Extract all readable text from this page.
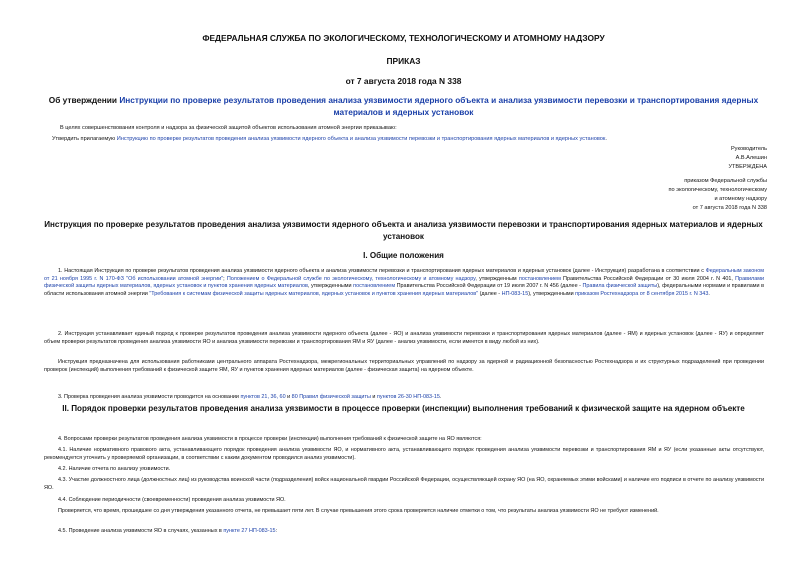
ФЕДЕРАЛЬНАЯ СЛУЖБА ПО ЭКОЛОГИЧЕСКОМУ, ТЕХНОЛОГИЧЕСКОМУ И АТОМНОМУ НАДЗОРУ
ПРИКАЗ
от 7 августа 2018 года N 338
Об утверждении Инструкции по проверке результатов проведения анализа уязвимости ядерного объекта и анализа уязвимости перевозки и транспортирования ядерных материалов и ядерных установок
В целях совершенствования контроля и надзора за физической защитой объектов использования атомной энергии приказываю:
Утвердить прилагаемую Инструкцию по проверке результатов проведения анализа уязвимости ядерного объекта и анализа уязвимости перевозки и транспортирования ядерных материалов и ядерных установок.
Руководитель
А.В.Алешин
УТВЕРЖДЕНА
приказом Федеральной службы
по экологическому, технологическому
и атомному надзору
от 7 августа 2018 года N 338
Инструкция по проверке результатов проведения анализа уязвимости ядерного объекта и анализа уязвимости перевозки и транспортирования ядерных материалов и ядерных установок
I. Общие положения
1. Настоящая Инструкция по проверке результатов проведения анализа уязвимости ядерного объекта и анализа уязвимости перевозки и транспортирования ядерных материалов и ядерных установок (далее - Инструкция) разработана в соответствии с Федеральным законом от 21 ноября 1995 г. N 170-ФЗ "Об использовании атомной энергии"; Положением о Федеральной службе по экологическому, технологическому и атомному надзору, утвержденным постановлением Правительства Российской Федерации от 30 июля 2004 г. N 401, Правилами физической защиты ядерных материалов, ядерных установок и пунктов хранения ядерных материалов, утвержденными постановлением Правительства Российской Федерации от 19 июля 2007 г. N 456 (далее - Правила физической защиты), федеральными нормами и правилами в области использования атомной энергии "Требования к системам физической защиты ядерных материалов, ядерных установок и пунктов хранения ядерных материалов" (далее - НП-083-15), утвержденными приказом Ростехнадзора от 8 сентября 2015 г. N 343.
2. Инструкция устанавливает единый подход к проверке результатов проведения анализа уязвимости ядерного объекта (далее - ЯО) и анализа уязвимости перевозки и транспортирования ядерных материалов (далее - ЯМ) и ядерных установок (далее - ЯУ) и определяет объем проверки результатов проведения анализа уязвимости ЯО и анализа уязвимости перевозки и транспортирования ЯМ и ЯУ (далее - анализ уязвимости, если имеется в виду любой из них).
Инструкция предназначена для использования работниками центрального аппарата Ростехнадзора, межрегиональных территориальных управлений по надзору за ядерной и радиационной безопасностью Ростехнадзора и их структурных подразделений при проведении проверок (инспекций) выполнения требований к физической защите ЯМ, ЯУ и пунктов хранения ядерных материалов (далее - физическая защита) на ядерном объекте.
3. Проверка проведения анализа уязвимости проводится на основании пунктов 21, 36, 60 и 80 Правил физической защиты и пунктов 26-30 НП-083-15.
II. Порядок проверки результатов проведения анализа уязвимости в процессе проверки (инспекции) выполнения требований к физической защите на ядерном объекте
4. Вопросами проверки результатов проведения анализа уязвимости в процессе проверки (инспекции) выполнения требований к физической защите на ЯО являются:
4.1. Наличие нормативного правового акта, устанавливающего порядок проведения анализа уязвимости ЯО, и нормативного акта, устанавливающего порядок проведения анализа уязвимости перевозки и транспортирования ЯМ и ЯУ (если указанные акты отсутствуют, рекомендуется уточнить у проверяемой организации, в соответствии с каким документом проводился анализ уязвимости).
4.2. Наличие отчета по анализу уязвимости.
4.3. Участие должностного лица (должностных лиц) из руководства воинской части (подразделения) войск национальной гвардии Российской Федерации, осуществляющей охрану ЯО (на ЯО, охраняемых этими войсками) и наличие его подписи в отчете по анализу уязвимости ЯО.
4.4. Соблюдение периодичности (своевременности) проведения анализа уязвимости ЯО.
Проверяется, что время, прошедшее со дня утверждения указанного отчета, не превышает пяти лет. В случае превышения этого срока проверяется наличие отметки о том, что результаты анализа уязвимости ЯО не требуют изменений.
4.5. Проведение анализа уязвимости ЯО в случаях, указанных в пункте 27 НП-083-15:
